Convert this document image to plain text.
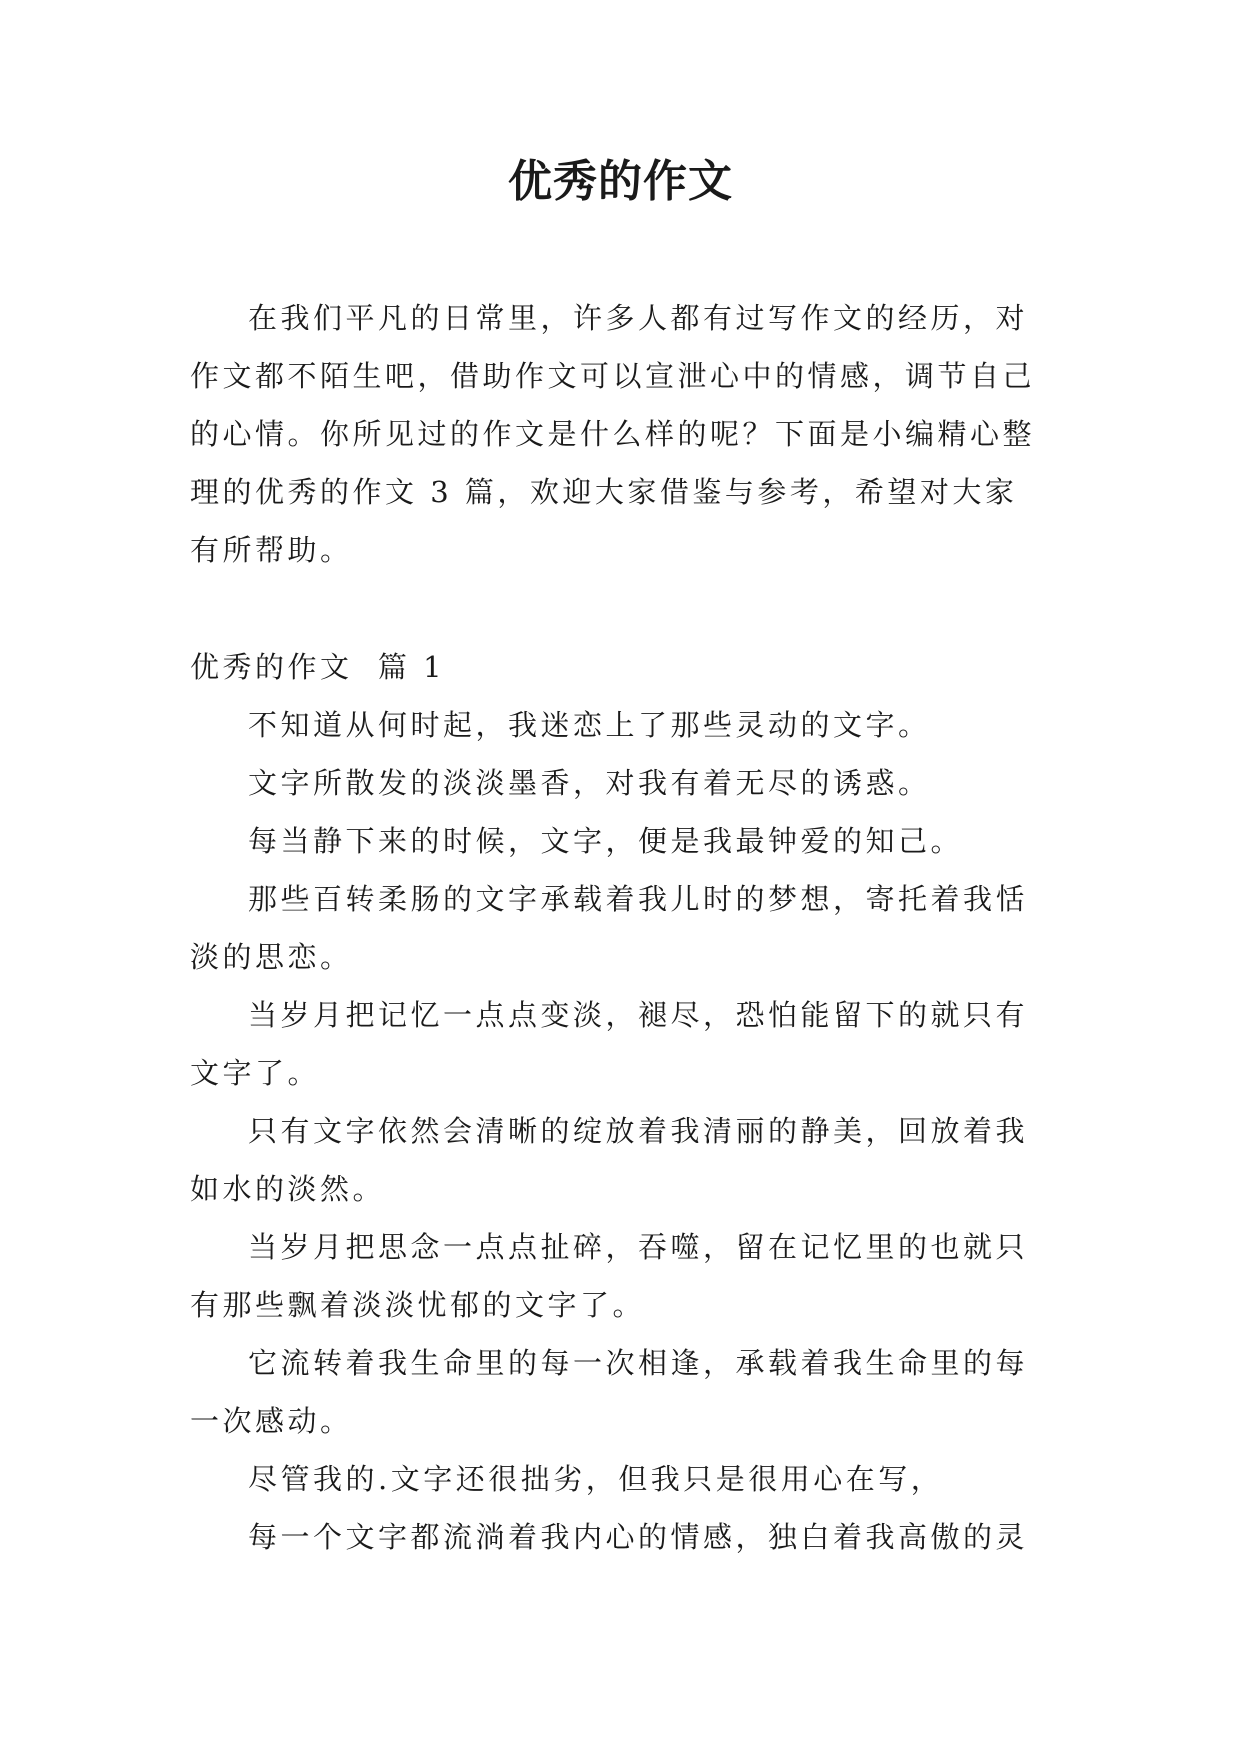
优秀的作文

在我们平凡的日常里，许多人都有过写作文的经历，对作文都不陌生吧，借助作文可以宣泄心中的情感，调节自己的心情。你所见过的作文是什么样的呢？下面是小编精心整理的优秀的作文 3 篇，欢迎大家借鉴与参考，希望对大家有所帮助。

优秀的作文  篇 1

不知道从何时起，我迷恋上了那些灵动的文字。

文字所散发的淡淡墨香，对我有着无尽的诱惑。

每当静下来的时候，文字，便是我最钟爱的知己。

那些百转柔肠的文字承载着我儿时的梦想，寄托着我恬淡的思恋。

当岁月把记忆一点点变淡，褪尽，恐怕能留下的就只有文字了。

只有文字依然会清晰的绽放着我清丽的静美，回放着我如水的淡然。

当岁月把思念一点点扯碎，吞噬，留在记忆里的也就只有那些飘着淡淡忧郁的文字了。

它流转着我生命里的每一次相逢，承载着我生命里的每一次感动。

尽管我的.文字还很拙劣，但我只是很用心在写，

每一个文字都流淌着我内心的情感，独白着我高傲的灵
